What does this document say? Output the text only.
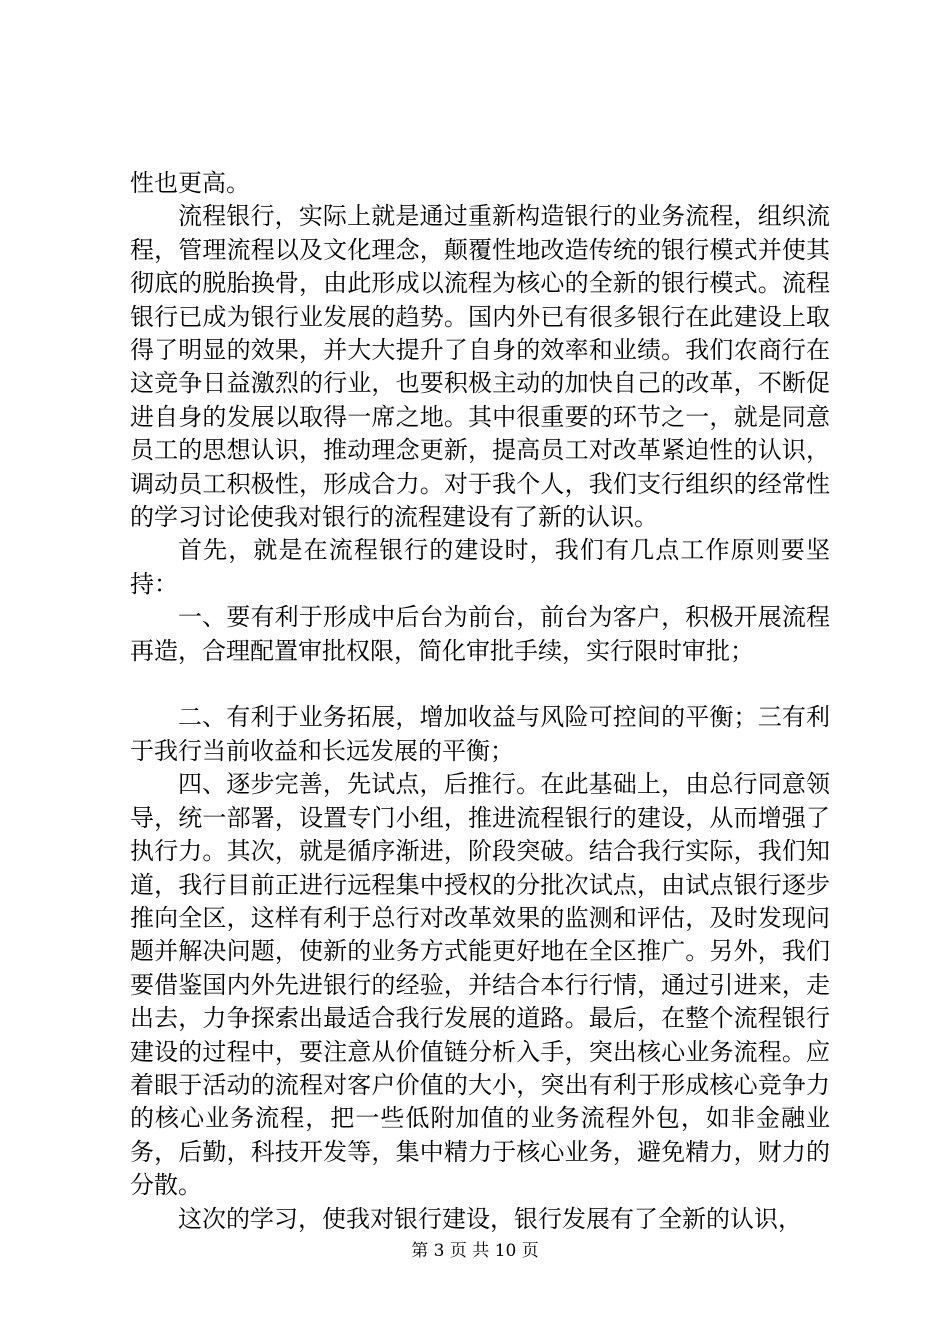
性也更高。

流程银行，实际上就是通过重新构造银行的业务流程，组织流程，管理流程以及文化理念，颠覆性地改造传统的银行模式并使其彻底的脱胎换骨，由此形成以流程为核心的全新的银行模式。流程银行已成为银行业发展的趋势。国内外已有很多银行在此建设上取得了明显的效果，并大大提升了自身的效率和业绩。我们农商行在这竞争日益激烈的行业，也要积极主动的加快自己的改革，不断促进自身的发展以取得一席之地。其中很重要的环节之一，就是同意员工的思想认识，推动理念更新，提高员工对改革紧迫性的认识，调动员工积极性，形成合力。对于我个人，我们支行组织的经常性的学习讨论使我对银行的流程建设有了新的认识。

首先，就是在流程银行的建设时，我们有几点工作原则要坚持：

一、要有利于形成中后台为前台，前台为客户，积极开展流程再造，合理配置审批权限，简化审批手续，实行限时审批；

二、有利于业务拓展，增加收益与风险可控间的平衡；三有利于我行当前收益和长远发展的平衡；

四、逐步完善，先试点，后推行。在此基础上，由总行同意领导，统一部署，设置专门小组，推进流程银行的建设，从而增强了执行力。其次，就是循序渐进，阶段突破。结合我行实际，我们知道，我行目前正进行远程集中授权的分批次试点，由试点银行逐步推向全区，这样有利于总行对改革效果的监测和评估，及时发现问题并解决问题，使新的业务方式能更好地在全区推广。另外，我们要借鉴国内外先进银行的经验，并结合本行行情，通过引进来，走出去，力争探索出最适合我行发展的道路。最后，在整个流程银行建设的过程中，要注意从价值链分析入手，突出核心业务流程。应着眼于活动的流程对客户价值的大小，突出有利于形成核心竞争力的核心业务流程，把一些低附加值的业务流程外包，如非金融业务，后勤，科技开发等，集中精力于核心业务，避免精力，财力的分散。

这次的学习，使我对银行建设，银行发展有了全新的认识，

第 3 页 共 10 页
